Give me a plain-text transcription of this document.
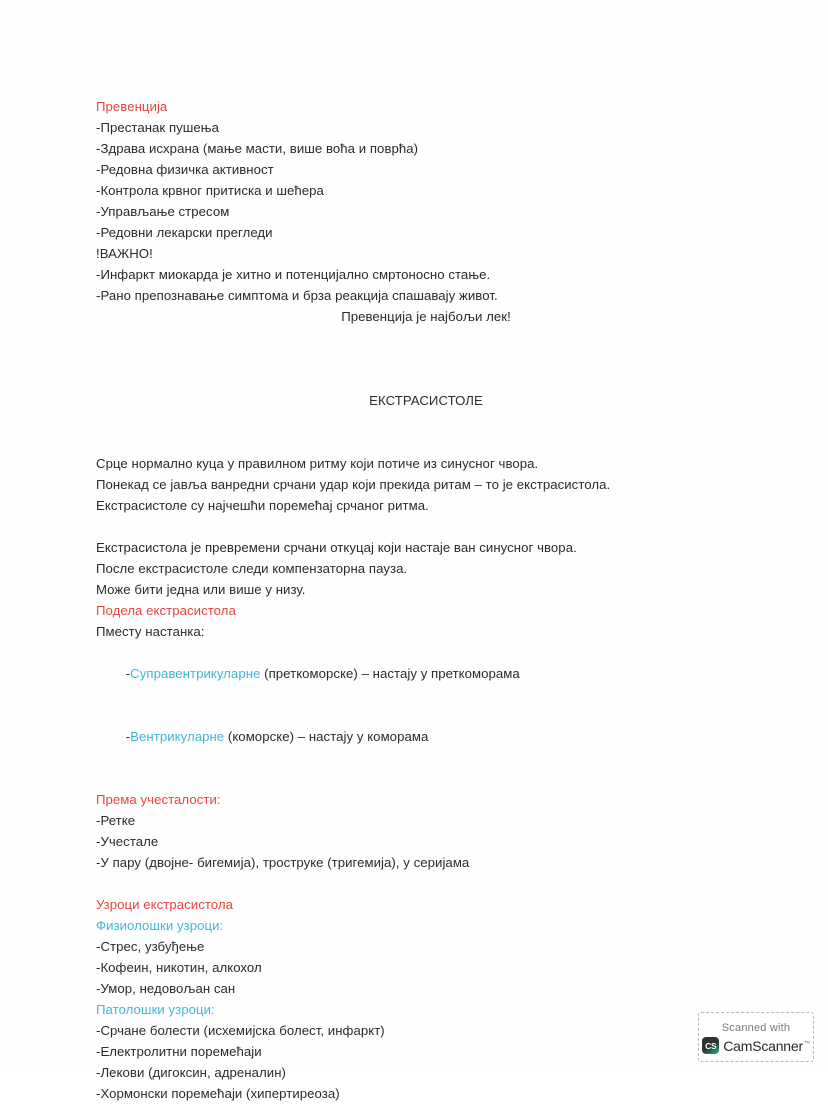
Превенција
-Престанак пушења
-Здрава исхрана (мање масти, више воћа и поврћа)
-Редовна физичка активност
-Контрола крвног притиска и шећера
-Управљање стресом
-Редовни лекарски прегледи
!ВАЖНО!
-Инфаркт миокарда је хитно и потенцијално смртоносно стање.
-Рано препознавање симптома и брза реакција спашавају живот.
Превенција је најбољи лек!
ЕКСТРАСИСТОЛЕ
Срце нормално куца у правилном ритму који потиче из синусног чвора.
Понекад се јавља ванредни срчани удар који прекида ритам – то је екстрасистола.
Екстрасистоле су најчешћи поремећај срчаног ритма.
Екстрасистола је превремени срчани откуцај који настаје ван синусног чвора.
После екстрасистоле следи компензаторна пауза.
Може бити једна или више у низу.
Подела екстрасистола
Пместу настанка:

-Суправентрикуларне (преткоморске) – настају у преткоморама

-Вентрикуларне (коморске) – настају у коморама

Према учесталости:
-Ретке
-Учестале
-У пару (двојне- бигемија), трострукe (тригемија), у серијама
Узроци екстрасистола
Физиолошки узроци:
-Стрес, узбуђење
-Кофеин, никотин, алкохол
-Умор, недовољан сан
Патолошки узроци:
-Срчане болести (исхемијска болест, инфаркт)
-Електролитни поремећаји
-Лекови (дигоксин, адреналин)
-Хормонски поремећаји (хипертиреоза)
Scanned with
CS CamScanner™
